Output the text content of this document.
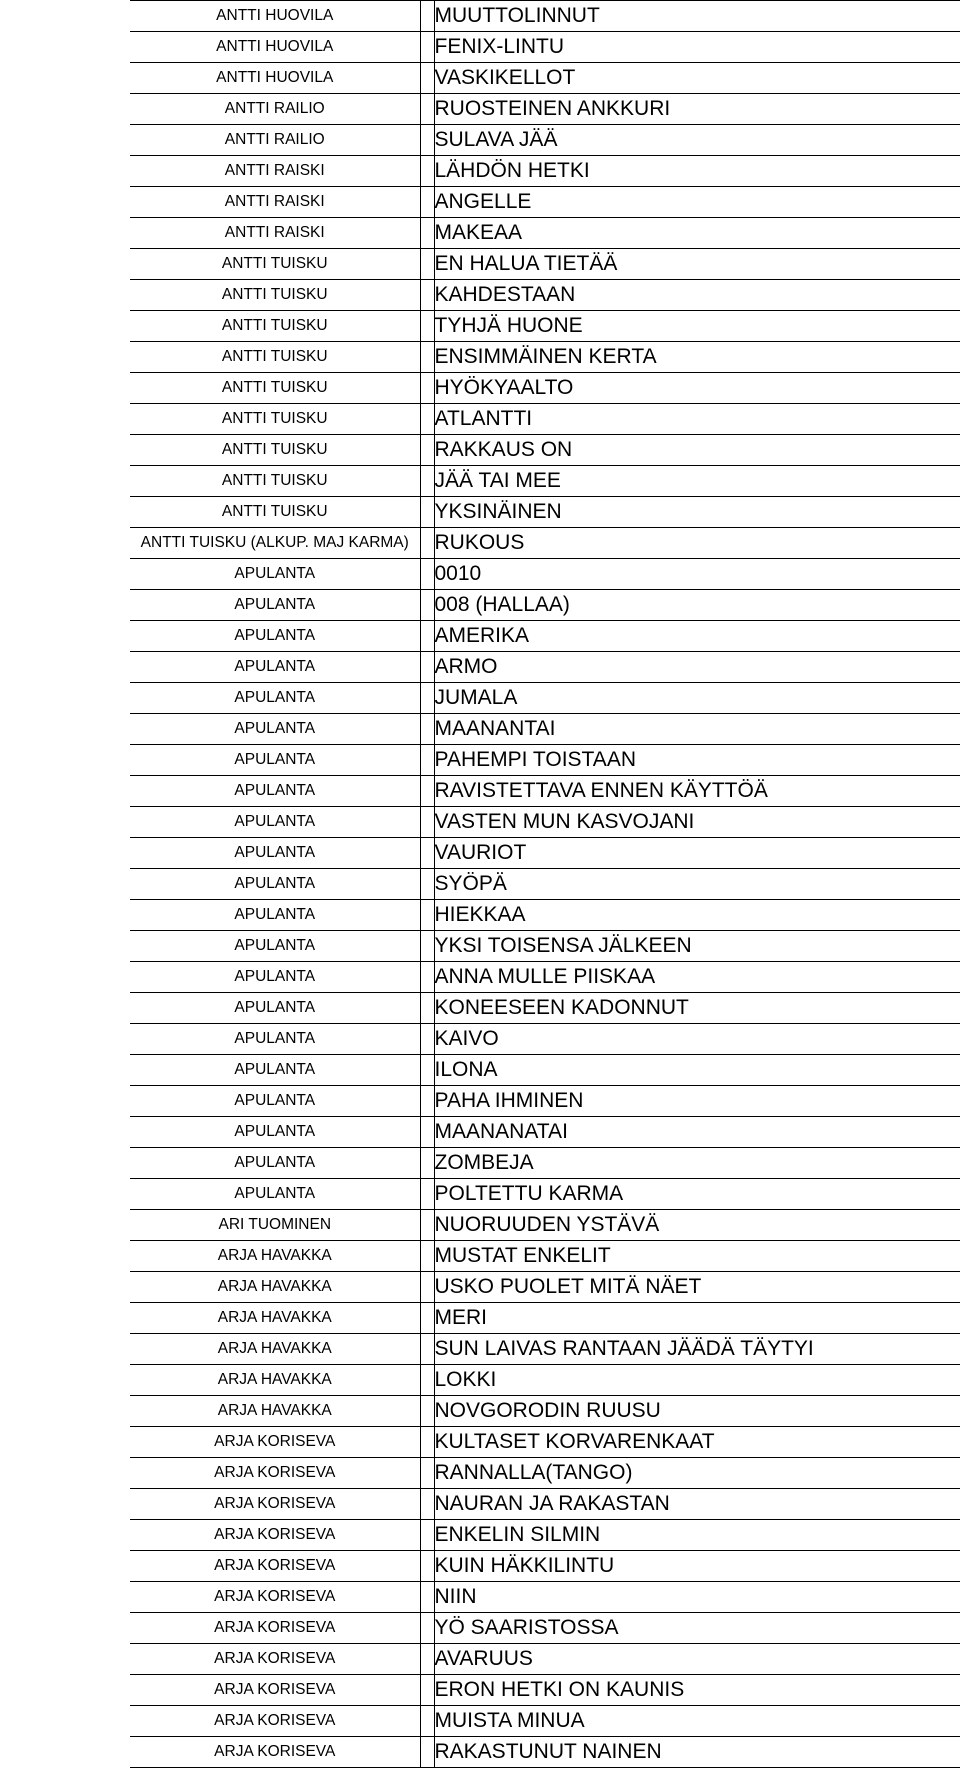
ANTTI HUOVILA		MUUTTOLINNUT
ANTTI HUOVILA		FENIX-LINTU
ANTTI HUOVILA		VASKIKELLOT
ANTTI RAILIO		RUOSTEINEN ANKKURI
ANTTI RAILIO		SULAVA JÄÄ
ANTTI RAISKI		LÄHDÖN HETKI
ANTTI RAISKI		ANGELLE
ANTTI RAISKI		MAKEAA
ANTTI TUISKU		EN HALUA TIETÄÄ
ANTTI TUISKU		KAHDESTAAN
ANTTI TUISKU		TYHJÄ HUONE
ANTTI TUISKU		ENSIMMÄINEN KERTA
ANTTI TUISKU		HYÖKYAALTO
ANTTI TUISKU		ATLANTTI
ANTTI TUISKU		RAKKAUS ON
ANTTI TUISKU		JÄÄ TAI MEE
ANTTI TUISKU		YKSINÄINEN
ANTTI TUISKU (ALKUP. MAJ KARMA)		RUKOUS
APULANTA		0010
APULANTA		008 (HALLAA)
APULANTA		AMERIKA
APULANTA		ARMO
APULANTA		JUMALA
APULANTA		MAANANTAI
APULANTA		PAHEMPI TOISTAAN
APULANTA		RAVISTETTAVA ENNEN KÄYTTÖÄ
APULANTA		VASTEN MUN KASVOJANI
APULANTA		VAURIOT
APULANTA		SYÖPÄ
APULANTA		HIEKKAA
APULANTA		YKSI TOISENSA JÄLKEEN
APULANTA		ANNA MULLE PIISKAA
APULANTA		KONEESEEN KADONNUT
APULANTA		KAIVO
APULANTA		ILONA
APULANTA		PAHA IHMINEN
APULANTA		MAANANATAI
APULANTA		ZOMBEJA
APULANTA		POLTETTU KARMA
ARI TUOMINEN		NUORUUDEN YSTÄVÄ
ARJA HAVAKKA		MUSTAT ENKELIT
ARJA HAVAKKA		USKO PUOLET MITÄ NÄET
ARJA HAVAKKA		MERI
ARJA HAVAKKA		SUN LAIVAS RANTAAN JÄÄDÄ TÄYTYI
ARJA HAVAKKA		LOKKI
ARJA HAVAKKA		NOVGORODIN RUUSU
ARJA KORISEVA		KULTASET KORVARENKAAT
ARJA KORISEVA		RANNALLA(TANGO)
ARJA KORISEVA		NAURAN JA RAKASTAN
ARJA KORISEVA		ENKELIN SILMIN
ARJA KORISEVA		KUIN HÄKKILINTU
ARJA KORISEVA		NIIN
ARJA KORISEVA		YÖ SAARISTOSSA
ARJA KORISEVA		AVARUUS
ARJA KORISEVA		ERON HETKI ON KAUNIS
ARJA KORISEVA		MUISTA MINUA
ARJA KORISEVA		RAKASTUNUT NAINEN
